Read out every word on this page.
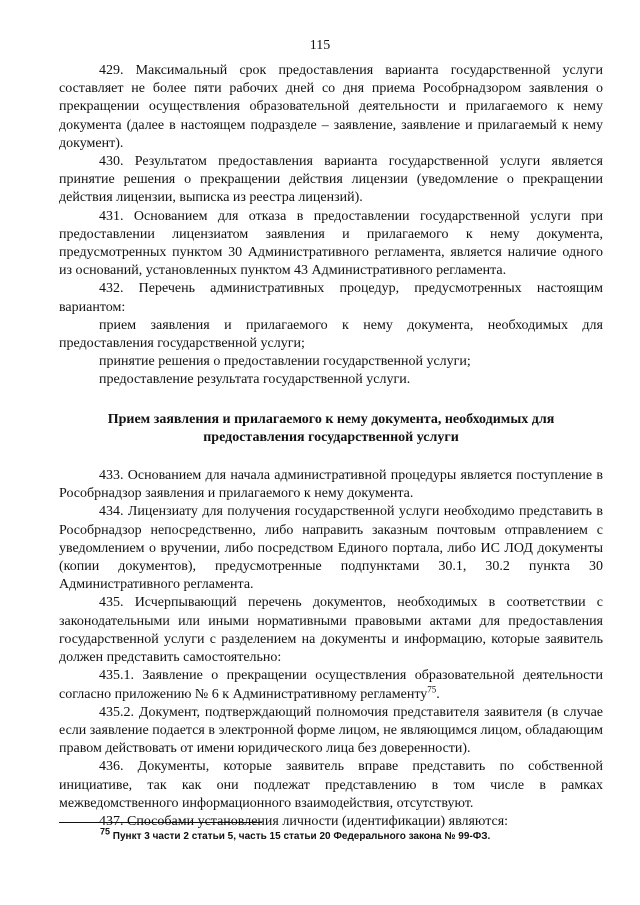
115

429. Максимальный срок предоставления варианта государственной услуги составляет не более пяти рабочих дней со дня приема Рособрнадзором заявления о прекращении осуществления образовательной деятельности и прилагаемого к нему документа (далее в настоящем подразделе – заявление, заявление и прилагаемый к нему документ).

430. Результатом предоставления варианта государственной услуги является принятие решения о прекращении действия лицензии (уведомление о прекращении действия лицензии, выписка из реестра лицензий).

431. Основанием для отказа в предоставлении государственной услуги при предоставлении лицензиатом заявления и прилагаемого к нему документа, предусмотренных пунктом 30 Административного регламента, является наличие одного из оснований, установленных пунктом 43 Административного регламента.

432. Перечень административных процедур, предусмотренных настоящим вариантом:

прием заявления и прилагаемого к нему документа, необходимых для предоставления государственной услуги;

принятие решения о предоставлении государственной услуги;

предоставление результата государственной услуги.

Прием заявления и прилагаемого к нему документа, необходимых для предоставления государственной услуги

433. Основанием для начала административной процедуры является поступление в Рособрнадзор заявления и прилагаемого к нему документа.

434. Лицензиату для получения государственной услуги необходимо представить в Рособрнадзор непосредственно, либо направить заказным почтовым отправлением с уведомлением о вручении, либо посредством Единого портала, либо ИС ЛОД документы (копии документов), предусмотренные подпунктами 30.1, 30.2 пункта 30 Административного регламента.

435. Исчерпывающий перечень документов, необходимых в соответствии с законодательными или иными нормативными правовыми актами для предоставления государственной услуги с разделением на документы и информацию, которые заявитель должен представить самостоятельно:

435.1. Заявление о прекращении осуществления образовательной деятельности согласно приложению № 6 к Административному регламенту$^{75}$.

435.2. Документ, подтверждающий полномочия представителя заявителя (в случае если заявление подается в электронной форме лицом, не являющимся лицом, обладающим правом действовать от имени юридического лица без доверенности).

436. Документы, которые заявитель вправе представить по собственной инициативе, так как они подлежат представлению в том числе в рамках межведомственного информационного взаимодействия, отсутствуют.

437. Способами установления личности (идентификации) являются:

$^{75}$ Пункт 3 части 2 статьи 5, часть 15 статьи 20 Федерального закона № 99-ФЗ.
